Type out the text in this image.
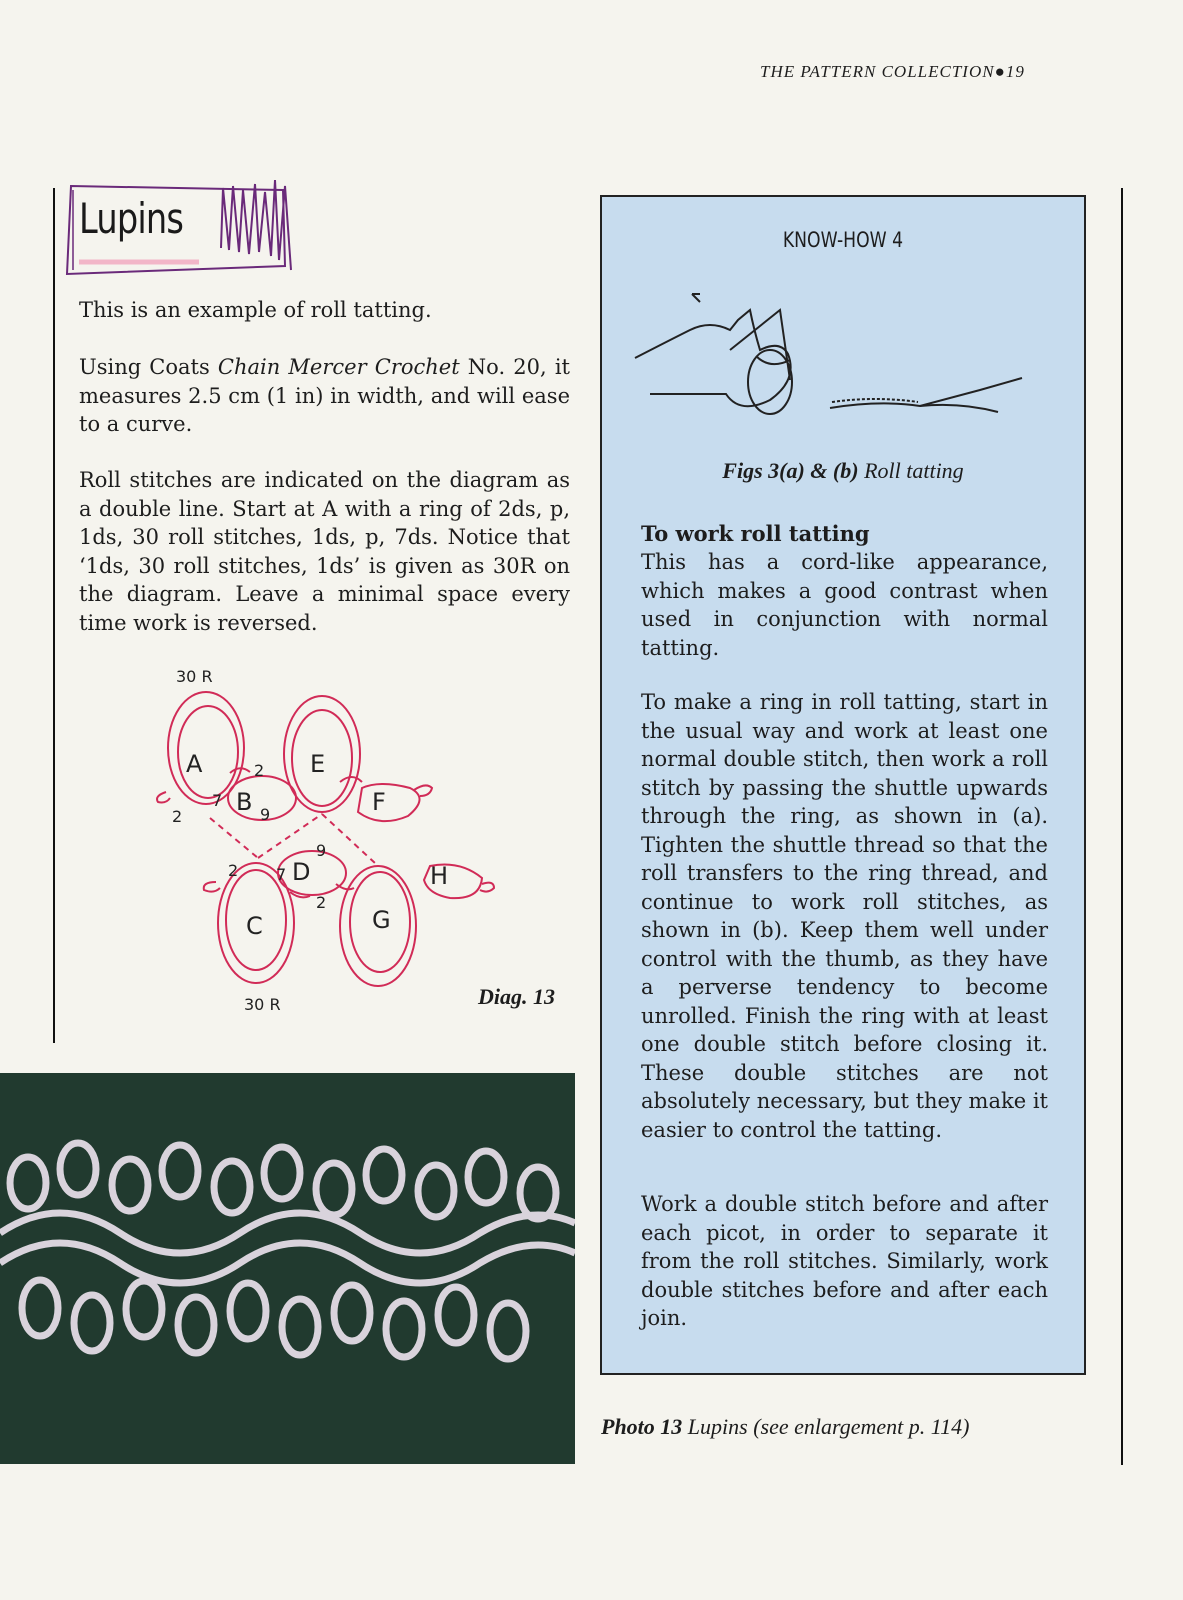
THE PATTERN COLLECTION●19
Lupins
This is an example of roll tatting.
Using Coats Chain Mercer Crochet No. 20, it measures 2.5 cm (1 in) in width, and will ease to a curve.
Roll stitches are indicated on the diagram as a double line. Start at A with a ring of 2ds, p, 1ds, 30 roll stitches, 1ds, p, 7ds. Notice that ‘1ds, 30 roll stitches, 1ds’ is given as 30R on the diagram. Leave a minimal space every time work is reversed.
30 R
30 R
A
B
C
D
E
F
G
H
2
7
9
2
2 7
9
2
Diag. 13
KNOW-HOW 4
Figs 3(a) & (b) Roll tatting
To work roll tatting
This has a cord-like appearance, which makes a good contrast when used in conjunction with normal tatting.
To make a ring in roll tatting, start in the usual way and work at least one normal double stitch, then work a roll stitch by passing the shuttle upwards through the ring, as shown in (a). Tighten the shuttle thread so that the roll transfers to the ring thread, and continue to work roll stitches, as shown in (b). Keep them well under control with the thumb, as they have a perverse tendency to become unrolled. Finish the ring with at least one double stitch before closing it. These double stitches are not absolutely necessary, but they make it easier to control the tatting.
Work a double stitch before and after each picot, in order to separate it from the roll stitches. Similarly, work double stitches before and after each join.
Photo 13 Lupins (see enlargement p. 114)
